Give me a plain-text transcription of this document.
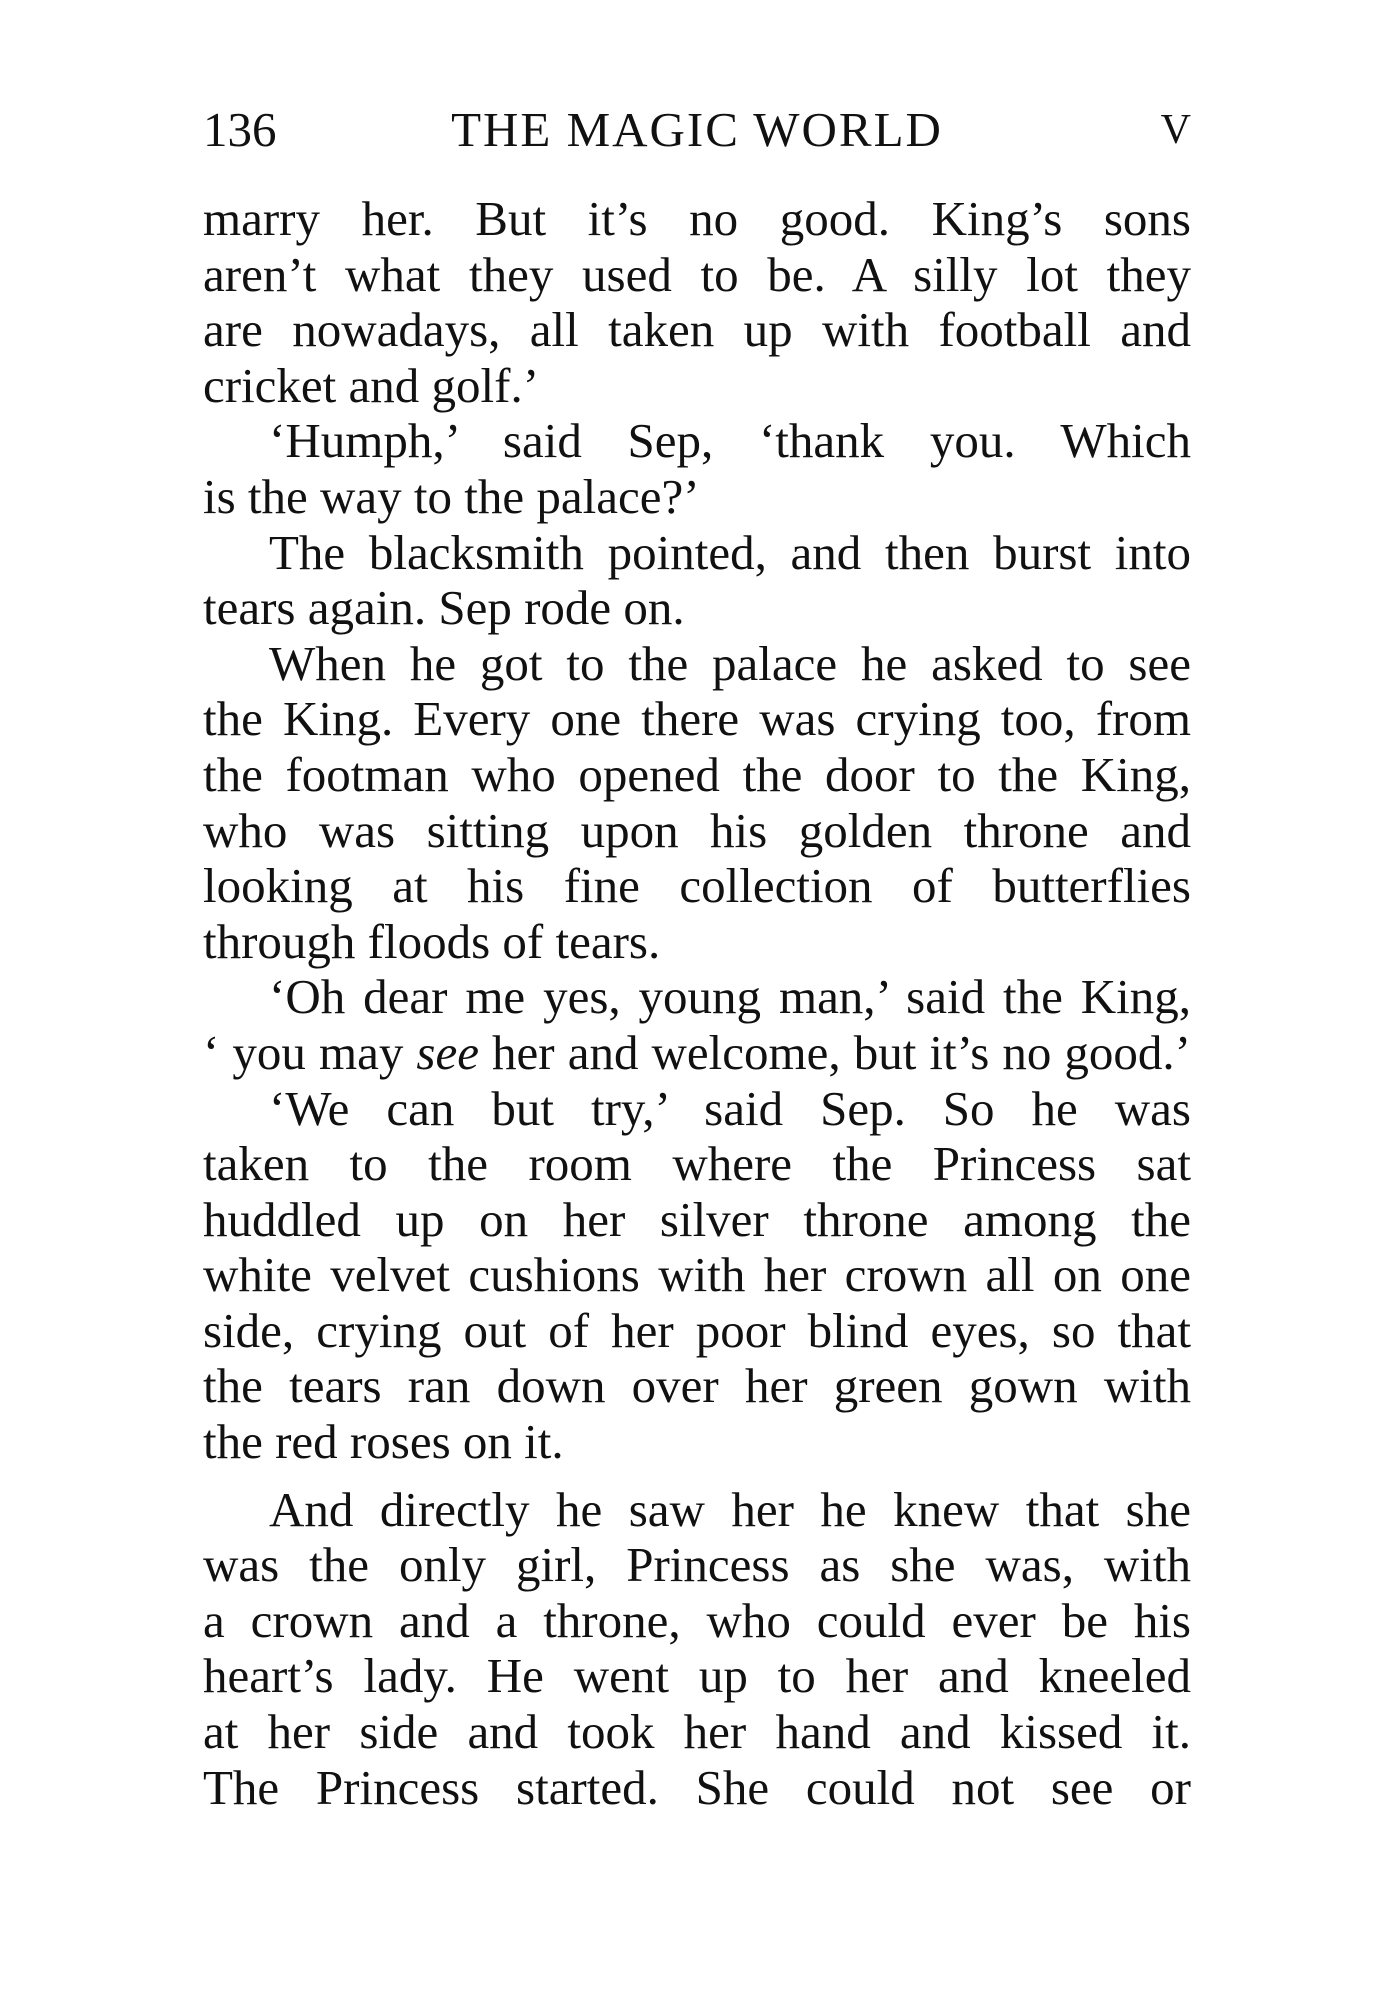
136	THE MAGIC WORLD	V
marry her. But it’s no good. King’s sons
aren’t what they used to be. A silly lot they
are nowadays, all taken up with football and
cricket and golf.’
‘Humph,’ said Sep, ‘thank you. Which
is the way to the palace?’
The blacksmith pointed, and then burst into
tears again. Sep rode on.
When he got to the palace he asked to see
the King. Every one there was crying too, from
the footman who opened the door to the King,
who was sitting upon his golden throne and
looking at his fine collection of butterflies
through floods of tears.
‘Oh dear me yes, young man,’ said the King,
‘ you may see her and welcome, but it’s no good.’
‘We can but try,’ said Sep. So he was
taken to the room where the Princess sat
huddled up on her silver throne among the
white velvet cushions with her crown all on one
side, crying out of her poor blind eyes, so that
the tears ran down over her green gown with
the red roses on it.
And directly he saw her he knew that she
was the only girl, Princess as she was, with
a crown and a throne, who could ever be his
heart’s lady. He went up to her and kneeled
at her side and took her hand and kissed it.
The Princess started. She could not see or
